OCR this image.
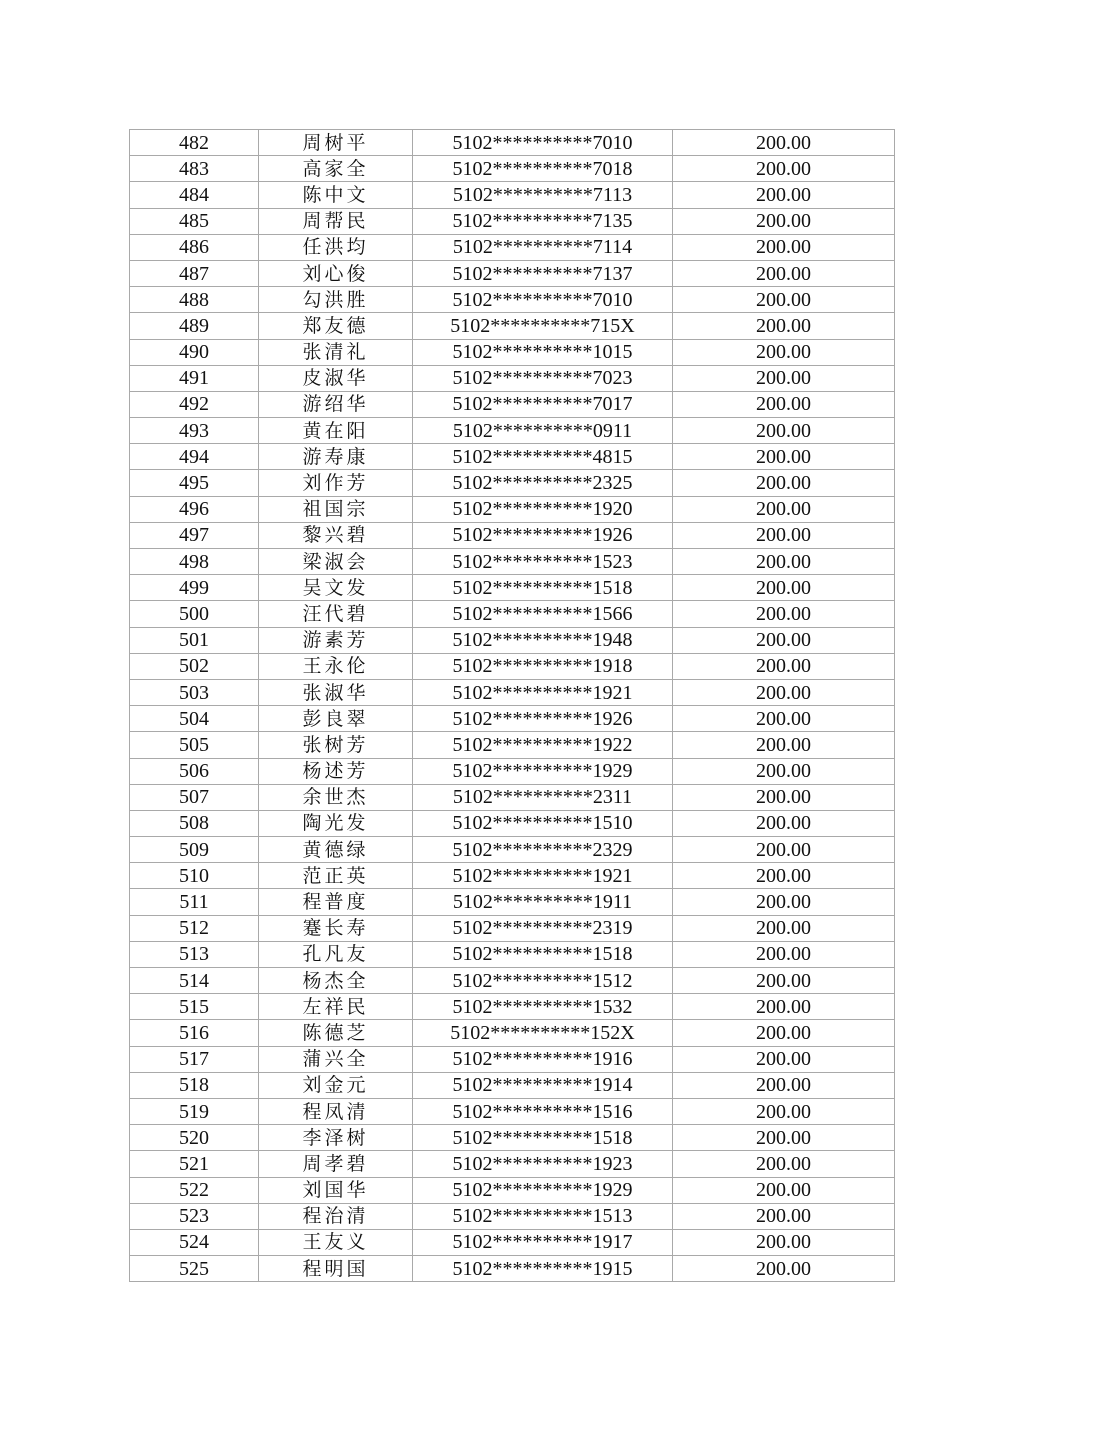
482	周树平	5102**********7010	200.00
483	高家全	5102**********7018	200.00
484	陈中文	5102**********7113	200.00
485	周帮民	5102**********7135	200.00
486	任洪均	5102**********7114	200.00
487	刘心俊	5102**********7137	200.00
488	勾洪胜	5102**********7010	200.00
489	郑友德	5102**********715X	200.00
490	张清礼	5102**********1015	200.00
491	皮淑华	5102**********7023	200.00
492	游绍华	5102**********7017	200.00
493	黄在阳	5102**********0911	200.00
494	游寿康	5102**********4815	200.00
495	刘作芳	5102**********2325	200.00
496	祖国宗	5102**********1920	200.00
497	黎兴碧	5102**********1926	200.00
498	梁淑会	5102**********1523	200.00
499	吴文发	5102**********1518	200.00
500	汪代碧	5102**********1566	200.00
501	游素芳	5102**********1948	200.00
502	王永伦	5102**********1918	200.00
503	张淑华	5102**********1921	200.00
504	彭良翠	5102**********1926	200.00
505	张树芳	5102**********1922	200.00
506	杨述芳	5102**********1929	200.00
507	余世杰	5102**********2311	200.00
508	陶光发	5102**********1510	200.00
509	黄德绿	5102**********2329	200.00
510	范正英	5102**********1921	200.00
511	程普度	5102**********1911	200.00
512	蹇长寿	5102**********2319	200.00
513	孔凡友	5102**********1518	200.00
514	杨杰全	5102**********1512	200.00
515	左祥民	5102**********1532	200.00
516	陈德芝	5102**********152X	200.00
517	蒲兴全	5102**********1916	200.00
518	刘金元	5102**********1914	200.00
519	程凤清	5102**********1516	200.00
520	李泽树	5102**********1518	200.00
521	周孝碧	5102**********1923	200.00
522	刘国华	5102**********1929	200.00
523	程治清	5102**********1513	200.00
524	王友义	5102**********1917	200.00
525	程明国	5102**********1915	200.00
